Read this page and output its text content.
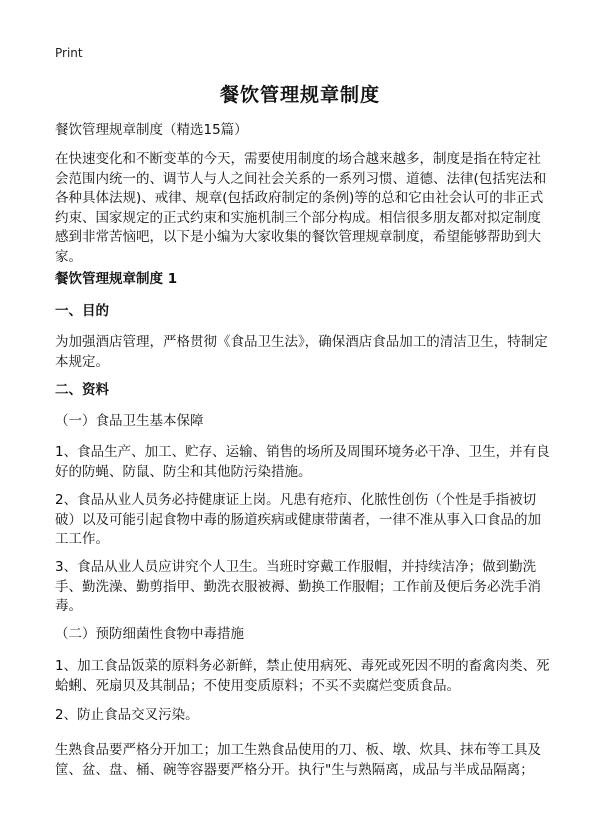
Print
餐饮管理规章制度
餐饮管理规章制度（精选15篇）
在快速变化和不断变革的今天，需要使用制度的场合越来越多，制度是指在特定社会范围内统一的、调节人与人之间社会关系的一系列习惯、道德、法律(包括宪法和各种具体法规)、戒律、规章(包括政府制定的条例)等的总和它由社会认可的非正式约束、国家规定的正式约束和实施机制三个部分构成。相信很多朋友都对拟定制度感到非常苦恼吧，以下是小编为大家收集的餐饮管理规章制度，希望能够帮助到大家。
餐饮管理规章制度 1
一、目的
为加强酒店管理，严格贯彻《食品卫生法》，确保酒店食品加工的清洁卫生，特制定本规定。
二、资料
（一）食品卫生基本保障
1、食品生产、加工、贮存、运输、销售的场所及周围环境务必干净、卫生，并有良好的防蝇、防鼠、防尘和其他防污染措施。
2、食品从业人员务必持健康证上岗。凡患有疮疖、化脓性创伤（个性是手指被切破）以及可能引起食物中毒的肠道疾病或健康带菌者，一律不准从事入口食品的加工工作。
3、食品从业人员应讲究个人卫生。当班时穿戴工作服帽，并持续洁净；做到勤洗手、勤洗澡、勤剪指甲、勤洗衣服被褥、勤换工作服帽；工作前及便后务必洗手消毒。
（二）预防细菌性食物中毒措施
1、加工食品饭菜的原料务必新鲜，禁止使用病死、毒死或死因不明的畜禽肉类、死蛤蜊、死扇贝及其制品；不使用变质原料；不买不卖腐烂变质食品。
2、防止食品交叉污染。
生熟食品要严格分开加工；加工生熟食品使用的刀、板、墩、炊具、抹布等工具及筐、盆、盘、桶、碗等容器要严格分开。执行"生与熟隔离，成品与半成品隔离；
